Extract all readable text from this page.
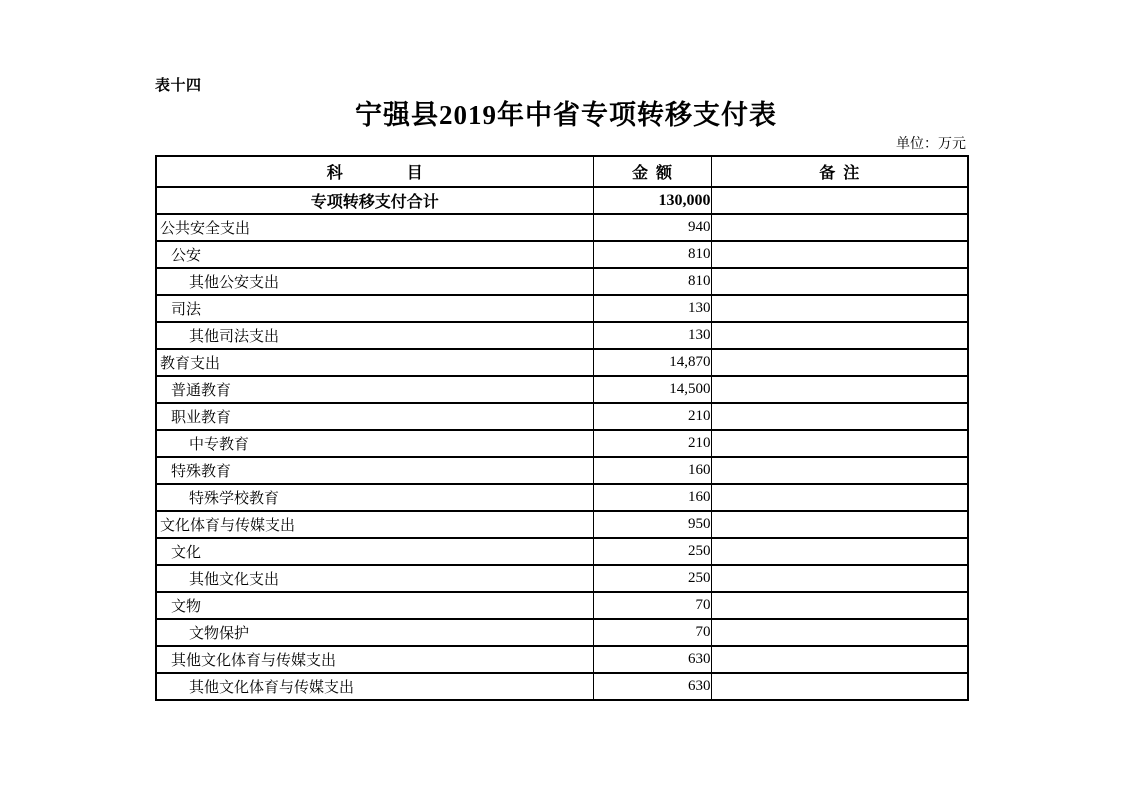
表十四
宁强县2019年中省专项转移支付表
单位：万元
科　　　　目	金 额	备 注
专项转移支付合计	130,000	
公共安全支出	940	
公安	810	
其他公安支出	810	
司法	130	
其他司法支出	130	
教育支出	14,870	
普通教育	14,500	
职业教育	210	
中专教育	210	
特殊教育	160	
特殊学校教育	160	
文化体育与传媒支出	950	
文化	250	
其他文化支出	250	
文物	70	
文物保护	70	
其他文化体育与传媒支出	630	
其他文化体育与传媒支出	630	
